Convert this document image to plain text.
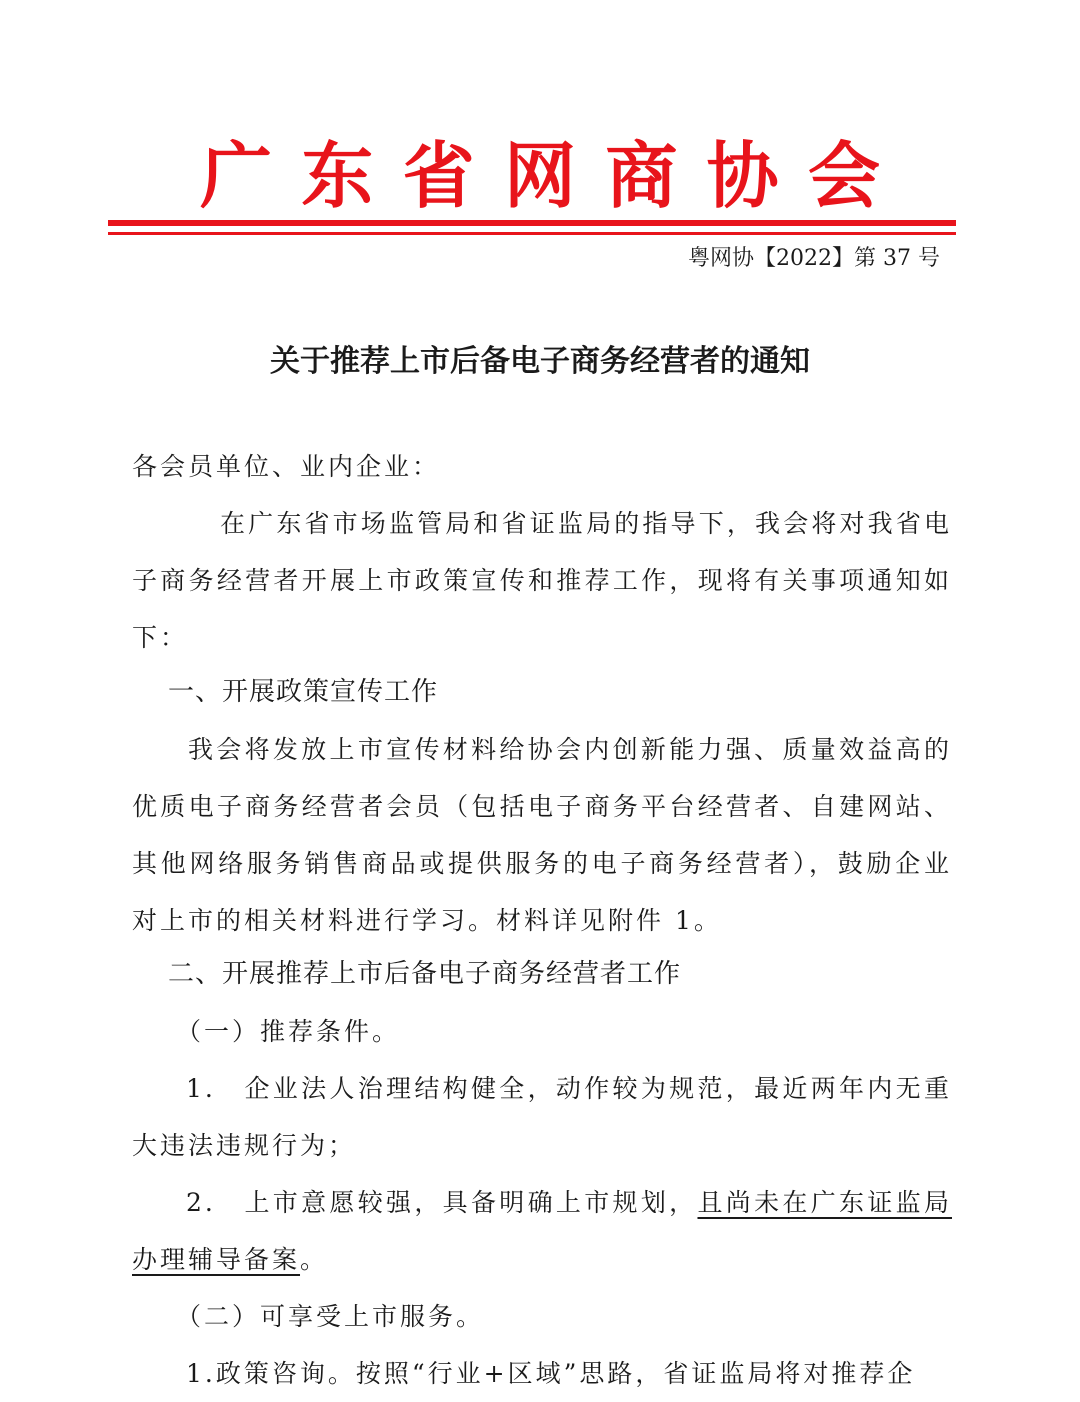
广 东 省 网 商 协 会
粤网协【2022】第 37 号
关于推荐上市后备电子商务经营者的通知
各会员单位、业内企业：
在广东省市场监管局和省证监局的指导下，我会将对我省电子商务经营者开展上市政策宣传和推荐工作，现将有关事项通知如下：
一、开展政策宣传工作
我会将发放上市宣传材料给协会内创新能力强、质量效益高的优质电子商务经营者会员（包括电子商务平台经营者、自建网站、其他网络服务销售商品或提供服务的电子商务经营者），鼓励企业对上市的相关材料进行学习。材料详见附件 1。
二、开展推荐上市后备电子商务经营者工作
（一）推荐条件。
1.　企业法人治理结构健全，动作较为规范，最近两年内无重大违法违规行为；
2.　上市意愿较强，具备明确上市规划，且尚未在广东证监局办理辅导备案。
（二）可享受上市服务。
1.政策咨询。按照“行业+区域”思路，省证监局将对推荐企
